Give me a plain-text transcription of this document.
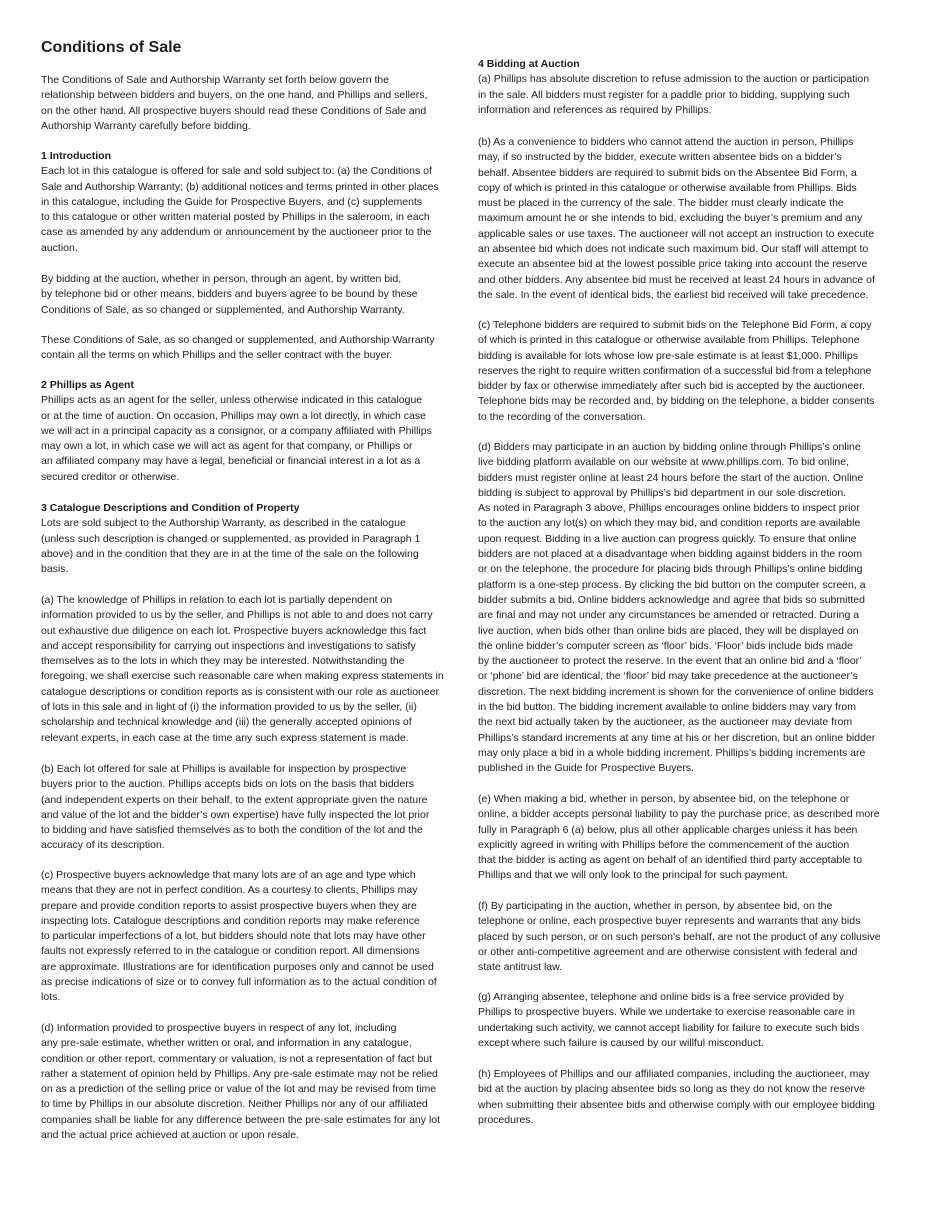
Conditions of Sale
The Conditions of Sale and Authorship Warranty set forth below govern the
relationship between bidders and buyers, on the one hand, and Phillips and sellers,
on the other hand. All prospective buyers should read these Conditions of Sale and
Authorship Warranty carefully before bidding.
1 Introduction
Each lot in this catalogue is offered for sale and sold subject to: (a) the Conditions of
Sale and Authorship Warranty; (b) additional notices and terms printed in other places
in this catalogue, including the Guide for Prospective Buyers, and (c) supplements
to this catalogue or other written material posted by Phillips in the saleroom, in each
case as amended by any addendum or announcement by the auctioneer prior to the
auction.
By bidding at the auction, whether in person, through an agent, by written bid,
by telephone bid or other means, bidders and buyers agree to be bound by these
Conditions of Sale, as so changed or supplemented, and Authorship Warranty.
These Conditions of Sale, as so changed or supplemented, and Authorship Warranty
contain all the terms on which Phillips and the seller contract with the buyer.
2 Phillips as Agent
Phillips acts as an agent for the seller, unless otherwise indicated in this catalogue
or at the time of auction. On occasion, Phillips may own a lot directly, in which case
we will act in a principal capacity as a consignor, or a company affiliated with Phillips
may own a lot, in which case we will act as agent for that company, or Phillips or
an affiliated company may have a legal, beneficial or financial interest in a lot as a
secured creditor or otherwise.
3 Catalogue Descriptions and Condition of Property
Lots are sold subject to the Authorship Warranty, as described in the catalogue
(unless such description is changed or supplemented, as provided in Paragraph 1
above) and in the condition that they are in at the time of the sale on the following
basis.
(a) The knowledge of Phillips in relation to each lot is partially dependent on
information provided to us by the seller, and Phillips is not able to and does not carry
out exhaustive due diligence on each lot. Prospective buyers acknowledge this fact
and accept responsibility for carrying out inspections and investigations to satisfy
themselves as to the lots in which they may be interested. Notwithstanding the
foregoing, we shall exercise such reasonable care when making express statements in
catalogue descriptions or condition reports as is consistent with our role as auctioneer
of lots in this sale and in light of (i) the information provided to us by the seller, (ii)
scholarship and technical knowledge and (iii) the generally accepted opinions of
relevant experts, in each case at the time any such express statement is made.
(b) Each lot offered for sale at Phillips is available for inspection by prospective
buyers prior to the auction. Phillips accepts bids on lots on the basis that bidders
(and independent experts on their behalf, to the extent appropriate given the nature
and value of the lot and the bidder’s own expertise) have fully inspected the lot prior
to bidding and have satisfied themselves as to both the condition of the lot and the
accuracy of its description.
(c) Prospective buyers acknowledge that many lots are of an age and type which
means that they are not in perfect condition. As a courtesy to clients, Phillips may
prepare and provide condition reports to assist prospective buyers when they are
inspecting lots. Catalogue descriptions and condition reports may make reference
to particular imperfections of a lot, but bidders should note that lots may have other
faults not expressly referred to in the catalogue or condition report. All dimensions
are approximate. Illustrations are for identification purposes only and cannot be used
as precise indications of size or to convey full information as to the actual condition of
lots.
(d) Information provided to prospective buyers in respect of any lot, including
any pre-sale estimate, whether written or oral, and information in any catalogue,
condition or other report, commentary or valuation, is not a representation of fact but
rather a statement of opinion held by Phillips. Any pre-sale estimate may not be relied
on as a prediction of the selling price or value of the lot and may be revised from time
to time by Phillips in our absolute discretion. Neither Phillips nor any of our affiliated
companies shall be liable for any difference between the pre-sale estimates for any lot
and the actual price achieved at auction or upon resale.
4 Bidding at Auction
(a) Phillips has absolute discretion to refuse admission to the auction or participation
in the sale. All bidders must register for a paddle prior to bidding, supplying such
information and references as required by Phillips.
(b) As a convenience to bidders who cannot attend the auction in person, Phillips
may, if so instructed by the bidder, execute written absentee bids on a bidder’s
behalf. Absentee bidders are required to submit bids on the Absentee Bid Form, a
copy of which is printed in this catalogue or otherwise available from Phillips. Bids
must be placed in the currency of the sale. The bidder must clearly indicate the
maximum amount he or she intends to bid, excluding the buyer’s premium and any
applicable sales or use taxes. The auctioneer will not accept an instruction to execute
an absentee bid which does not indicate such maximum bid. Our staff will attempt to
execute an absentee bid at the lowest possible price taking into account the reserve
and other bidders. Any absentee bid must be received at least 24 hours in advance of
the sale. In the event of identical bids, the earliest bid received will take precedence.
(c) Telephone bidders are required to submit bids on the Telephone Bid Form, a copy
of which is printed in this catalogue or otherwise available from Phillips. Telephone
bidding is available for lots whose low pre-sale estimate is at least $1,000. Phillips
reserves the right to require written confirmation of a successful bid from a telephone
bidder by fax or otherwise immediately after such bid is accepted by the auctioneer.
Telephone bids may be recorded and, by bidding on the telephone, a bidder consents
to the recording of the conversation.
(d) Bidders may participate in an auction by bidding online through Phillips’s online
live bidding platform available on our website at www.phillips.com. To bid online,
bidders must register online at least 24 hours before the start of the auction. Online
bidding is subject to approval by Phillips’s bid department in our sole discretion.
As noted in Paragraph 3 above, Phillips encourages online bidders to inspect prior
to the auction any lot(s) on which they may bid, and condition reports are available
upon request. Bidding in a live auction can progress quickly. To ensure that online
bidders are not placed at a disadvantage when bidding against bidders in the room
or on the telephone, the procedure for placing bids through Phillips’s online bidding
platform is a one-step process. By clicking the bid button on the computer screen, a
bidder submits a bid. Online bidders acknowledge and agree that bids so submitted
are final and may not under any circumstances be amended or retracted. During a
live auction, when bids other than online bids are placed, they will be displayed on
the online bidder’s computer screen as ‘floor’ bids. ‘Floor’ bids include bids made
by the auctioneer to protect the reserve. In the event that an online bid and a ‘floor’
or ‘phone’ bid are identical, the ‘floor’ bid may take precedence at the auctioneer’s
discretion. The next bidding increment is shown for the convenience of online bidders
in the bid button. The bidding increment available to online bidders may vary from
the next bid actually taken by the auctioneer, as the auctioneer may deviate from
Phillips’s standard increments at any time at his or her discretion, but an online bidder
may only place a bid in a whole bidding increment. Phillips’s bidding increments are
published in the Guide for Prospective Buyers.
(e) When making a bid, whether in person, by absentee bid, on the telephone or
online, a bidder accepts personal liability to pay the purchase price, as described more
fully in Paragraph 6 (a) below, plus all other applicable charges unless it has been
explicitly agreed in writing with Phillips before the commencement of the auction
that the bidder is acting as agent on behalf of an identified third party acceptable to
Phillips and that we will only look to the principal for such payment.
(f) By participating in the auction, whether in person, by absentee bid, on the
telephone or online, each prospective buyer represents and warrants that any bids
placed by such person, or on such person’s behalf, are not the product of any collusive
or other anti-competitive agreement and are otherwise consistent with federal and
state antitrust law.
(g) Arranging absentee, telephone and online bids is a free service provided by
Phillips to prospective buyers. While we undertake to exercise reasonable care in
undertaking such activity, we cannot accept liability for failure to execute such bids
except where such failure is caused by our willful misconduct.
(h) Employees of Phillips and our affiliated companies, including the auctioneer, may
bid at the auction by placing absentee bids so long as they do not know the reserve
when submitting their absentee bids and otherwise comply with our employee bidding
procedures.
